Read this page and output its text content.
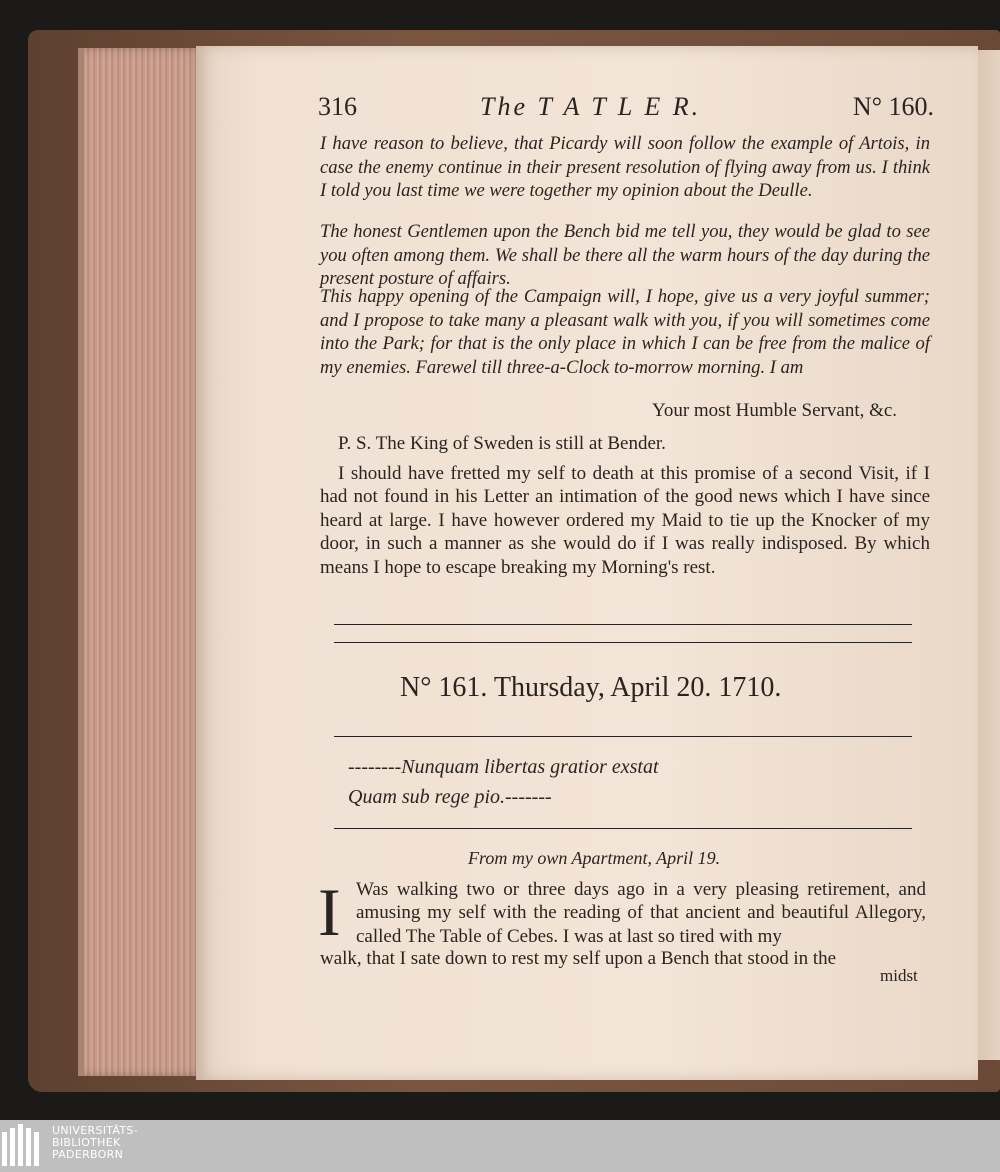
316	The T A T L E R.	N° 160.

I have reason to believe, that Picardy will soon follow the example of Artois, in case the enemy continue in their present resolution of flying away from us. I think I told you last time we were together my opinion about the Deulle.

The honest Gentlemen upon the Bench bid me tell you, they would be glad to see you often among them. We shall be there all the warm hours of the day during the present posture of affairs.

This happy opening of the Campaign will, I hope, give us a very joyful summer; and I propose to take many a pleasant walk with you, if you will sometimes come into the Park; for that is the only place in which I can be free from the malice of my enemies. Farewel till three-a-Clock to-morrow morning. I am

Your most Humble Servant, &c.
P. S. The King of Sweden is still at Bender.

I should have fretted my self to death at this promise of a second Visit, if I had not found in his Letter an intimation of the good news which I have since heard at large. I have however ordered my Maid to tie up the Knocker of my door, in such a manner as she would do if I was really indisposed. By which means I hope to escape breaking my Morning's rest.

N° 161. Thursday, April 20. 1710.
--------Nunquam libertas gratior exstat
Quam sub rege pio.-------
From my own Apartment, April 19.
I Was walking two or three days ago in a very pleasing retirement, and amusing my self with the reading of that ancient and beautiful Allegory, called The Table of Cebes. I was at last so tired with my

walk, that I sate down to rest my self upon a Bench that stood in the
midst
UNIVERSITÄTS-
BIBLIOTHEK
PADERBORN
